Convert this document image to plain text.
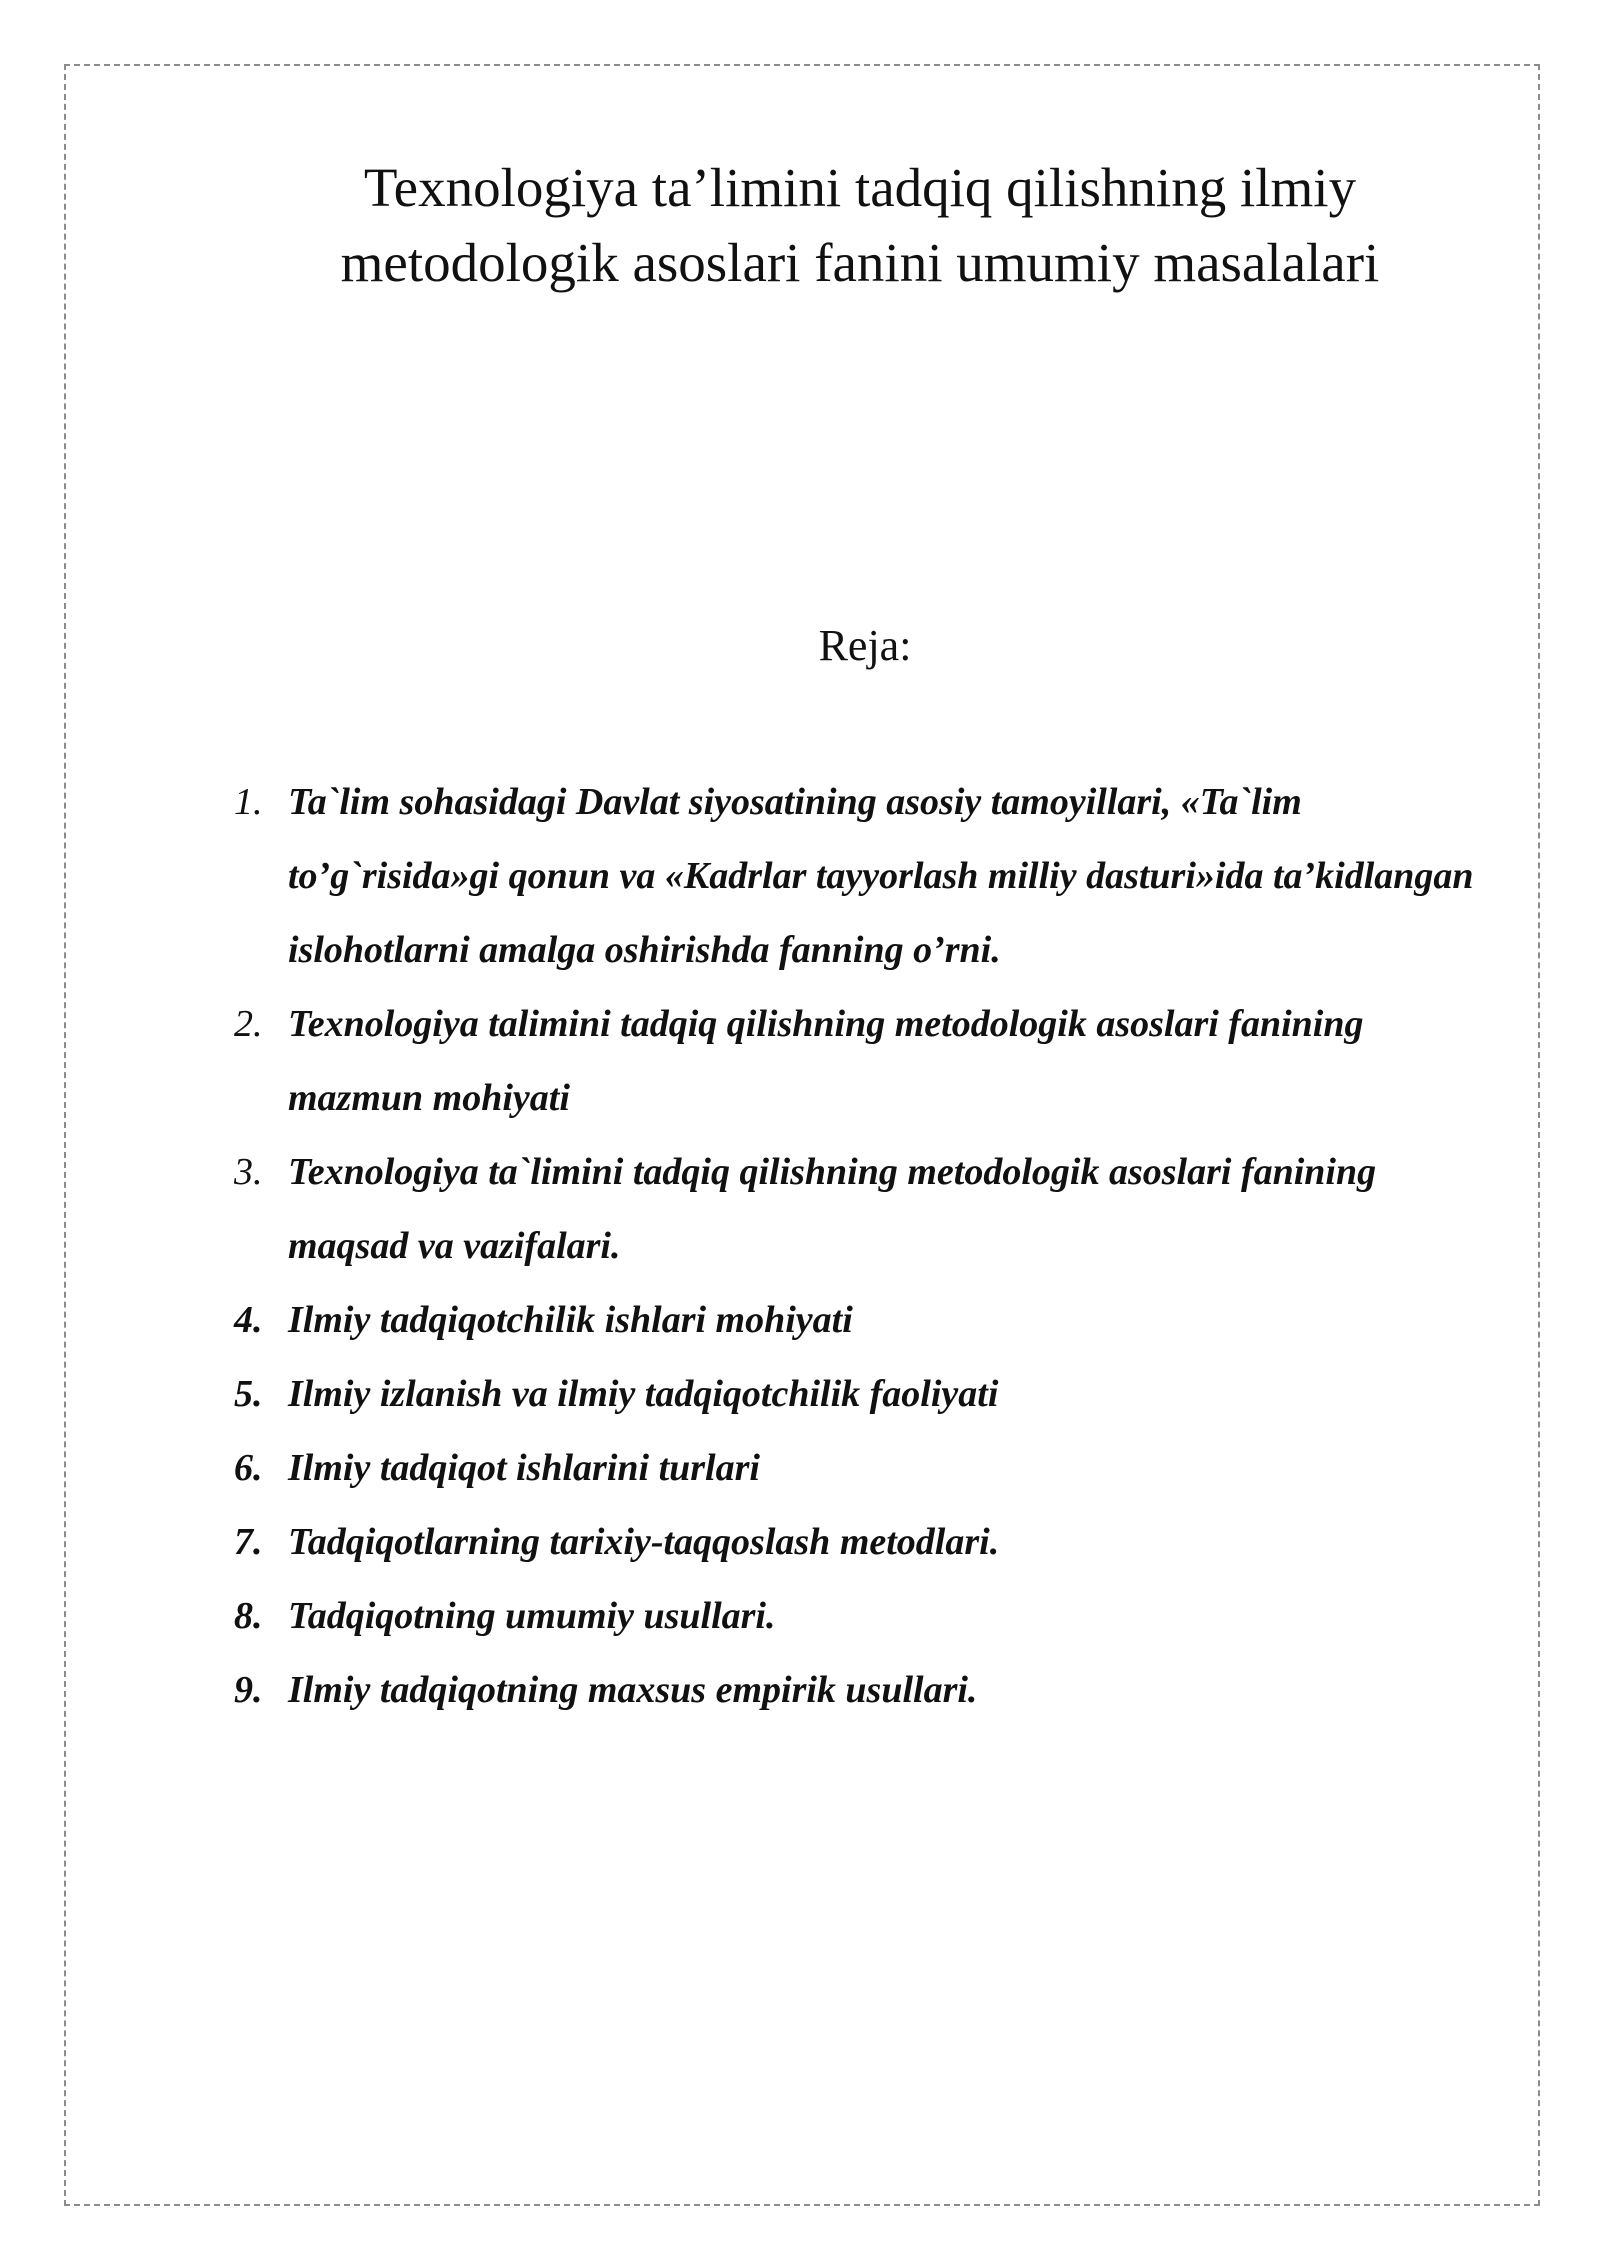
Texnologiya ta’limini tadqiq qilishning ilmiy
metodologik asoslari fanini umumiy masalalari
Reja:
1. Ta`lim sohasidagi Davlat siyosatining asosiy tamoyillari, «Ta`lim to’g`risida»gi qonun va «Kadrlar tayyorlash milliy dasturi»ida ta’kidlangan islohotlarni amalga oshirishda fanning o’rni.
2. Texnologiya talimini tadqiq qilishning metodologik asoslari fanining mazmun mohiyati
3. Texnologiya ta`limini tadqiq qilishning metodologik asoslari fanining maqsad va vazifalari.
4. Ilmiy tadqiqotchilik ishlari mohiyati
5. Ilmiy izlanish va ilmiy tadqiqotchilik faoliyati
6. Ilmiy tadqiqot ishlarini turlari
7. Tadqiqotlarning tarixiy-taqqoslash metodlari.
8. Tadqiqotning umumiy usullari.
9. Ilmiy tadqiqotning maxsus empirik usullari.
